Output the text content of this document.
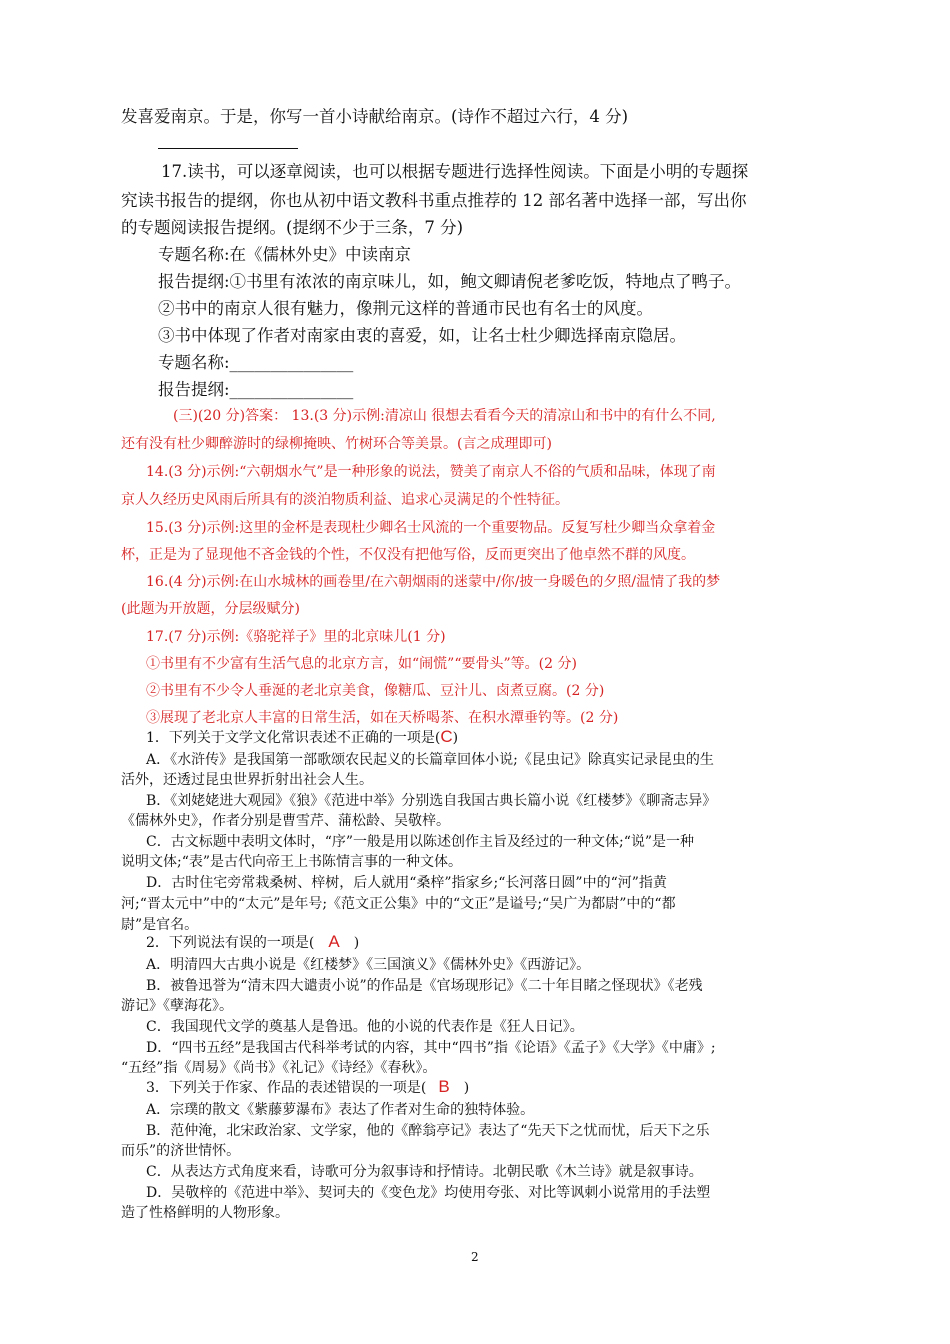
发喜爱南京。于是，你写一首小诗献给南京。(诗作不超过六行，4 分)

17.读书，可以逐章阅读，也可以根据专题进行选择性阅读。下面是小明的专题探

究读书报告的提纲，你也从初中语文教科书重点推荐的 12 部名著中选择一部，写出你

的专题阅读报告提纲。(提纲不少于三条，7 分)

专题名称:在《儒林外史》中读南京

报告提纲:①书里有浓浓的南京味儿，如，鲍文卿请倪老爹吃饭，特地点了鸭子。

②书中的南京人很有魅力，像荆元这样的普通市民也有名士的风度。

③书中体现了作者对南家由衷的喜爱，如，让名士杜少卿选择南京隐居。

专题名称:_______________

报告提纲:_______________

(三)(20 分)答案： 13.(3 分)示例:清凉山 很想去看看今天的清凉山和书中的有什么不同,

还有没有杜少卿醉游时的绿柳掩映、竹树环合等美景。(言之成理即可)

14.(3 分)示例:“六朝烟水气”是一种形象的说法，赞美了南京人不俗的气质和品味，体现了南

京人久经历史风雨后所具有的淡泊物质利益、追求心灵满足的个性特征。

15.(3 分)示例:这里的金杯是表现杜少卿名士风流的一个重要物品。反复写杜少卿当众拿着金

杯，正是为了显现他不吝金钱的个性，不仅没有把他写俗，反而更突出了他卓然不群的风度。

16.(4 分)示例:在山水城林的画卷里/在六朝烟雨的迷蒙中/你/披一身暖色的夕照/温情了我的梦

(此题为开放题，分层级赋分)

17.(7 分)示例:《骆驼祥子》里的北京味儿(1 分)

①书里有不少富有生活气息的北京方言，如“闹慌”“要骨头”等。(2 分)

②书里有不少令人垂涎的老北京美食，像糖瓜、豆汁儿、卤煮豆腐。(2 分)

③展现了老北京人丰富的日常生活，如在天桥喝茶、在积水潭垂钓等。(2 分)

1．下列关于文学文化常识表述不正确的一项是(C)

A．《水浒传》是我国第一部歌颂农民起义的长篇章回体小说;《昆虫记》除真实记录昆虫的生

活外，还透过昆虫世界折射出社会人生。

B．《刘姥姥进大观园》《狼》《范进中举》分别选自我国古典长篇小说《红楼梦》《聊斋志异》

《儒林外史》，作者分别是曹雪芹、蒲松龄、吴敬梓。

C．古文标题中表明文体时，“序”一般是用以陈述创作主旨及经过的一种文体;“说”是一种

说明文体;“表”是古代向帝王上书陈情言事的一种文体。

D．古时住宅旁常栽桑树、梓树，后人就用“桑梓”指家乡;“长河落日圆”中的“河”指黄

河;“晋太元中”中的“太元”是年号;《范文正公集》中的“文正”是谥号;“吴广为都尉”中的“都

尉”是官名。

2．下列说法有误的一项是( A )

A．明清四大古典小说是《红楼梦》《三国演义》《儒林外史》《西游记》。

B．被鲁迅誉为“清末四大谴责小说”的作品是《官场现形记》《二十年目睹之怪现状》《老残

游记》《孽海花》。

C．我国现代文学的奠基人是鲁迅。他的小说的代表作是《狂人日记》。

D．“四书五经”是我国古代科举考试的内容，其中“四书”指《论语》《孟子》《大学》《中庸》;

“五经”指《周易》《尚书》《礼记》《诗经》《春秋》。

3．下列关于作家、作品的表述错误的一项是( B )

A．宗璞的散文《紫藤萝瀑布》表达了作者对生命的独特体验。

B．范仲淹，北宋政治家、文学家，他的《醉翁亭记》表达了“先天下之忧而忧，后天下之乐

而乐”的济世情怀。

C．从表达方式角度来看，诗歌可分为叙事诗和抒情诗。北朝民歌《木兰诗》就是叙事诗。

D．吴敬梓的《范进中举》、契诃夫的《变色龙》均使用夸张、对比等讽刺小说常用的手法塑

造了性格鲜明的人物形象。

2
